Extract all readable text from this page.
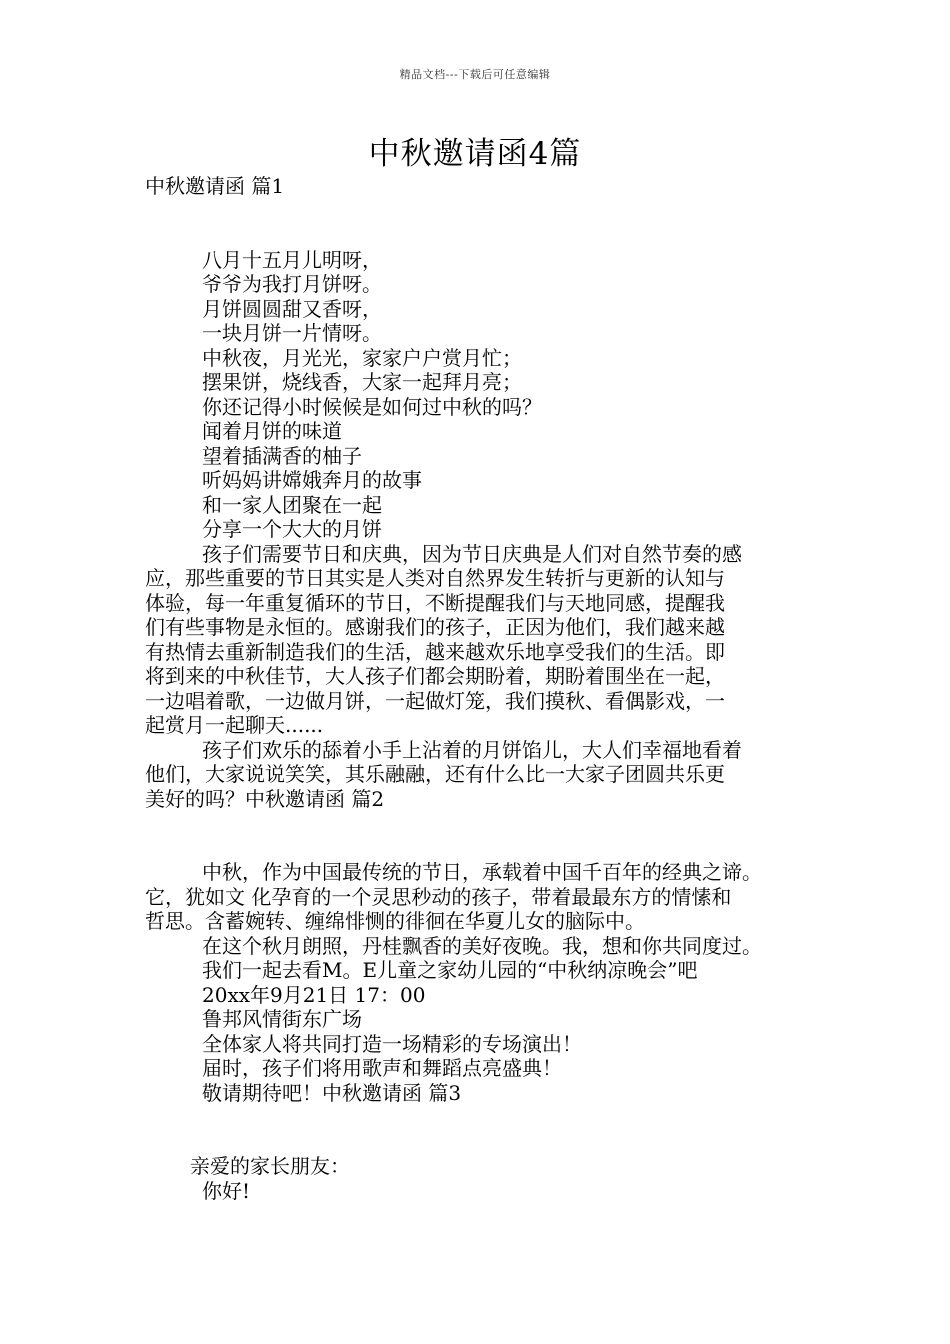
精品文档---下载后可任意编辑
中秋邀请函4篇
中秋邀请函 篇1
八月十五月儿明呀，
爷爷为我打月饼呀。
月饼圆圆甜又香呀，
一块月饼一片情呀。
中秋夜，月光光，家家户户赏月忙；
摆果饼，烧线香，大家一起拜月亮；
你还记得小时候候是如何过中秋的吗？
闻着月饼的味道
望着插满香的柚子
听妈妈讲嫦娥奔月的故事
和一家人团聚在一起
分享一个大大的月饼
孩子们需要节日和庆典，因为节日庆典是人们对自然节奏的感
应，那些重要的节日其实是人类对自然界发生转折与更新的认知与
体验，每一年重复循环的节日，不断提醒我们与天地同感，提醒我
们有些事物是永恒的。感谢我们的孩子，正因为他们，我们越来越
有热情去重新制造我们的生活，越来越欢乐地享受我们的生活。即
将到来的中秋佳节，大人孩子们都会期盼着，期盼着围坐在一起，
一边唱着歌，一边做月饼，一起做灯笼，我们摸秋、看偶影戏，一
起赏月一起聊天......
孩子们欢乐的舔着小手上沾着的月饼馅儿，大人们幸福地看着
他们，大家说说笑笑，其乐融融，还有什么比一大家子团圆共乐更
美好的吗？中秋邀请函 篇2
中秋，作为中国最传统的节日，承载着中国千百年的经典之谛。
它，犹如文 化孕育的一个灵思秒动的孩子，带着最最东方的情愫和
哲思。含蓄婉转、缠绵悱恻的徘徊在华夏儿女的脑际中。
在这个秋月朗照，丹桂飘香的美好夜晚。我，想和你共同度过。
我们一起去看M。E儿童之家幼儿园的“中秋纳凉晚会”吧
20xx年9月21日 17：00
鲁邦风情街东广场
全体家人将共同打造一场精彩的专场演出！
届时，孩子们将用歌声和舞蹈点亮盛典！
敬请期待吧！中秋邀请函 篇3
亲爱的家长朋友：
你好!
